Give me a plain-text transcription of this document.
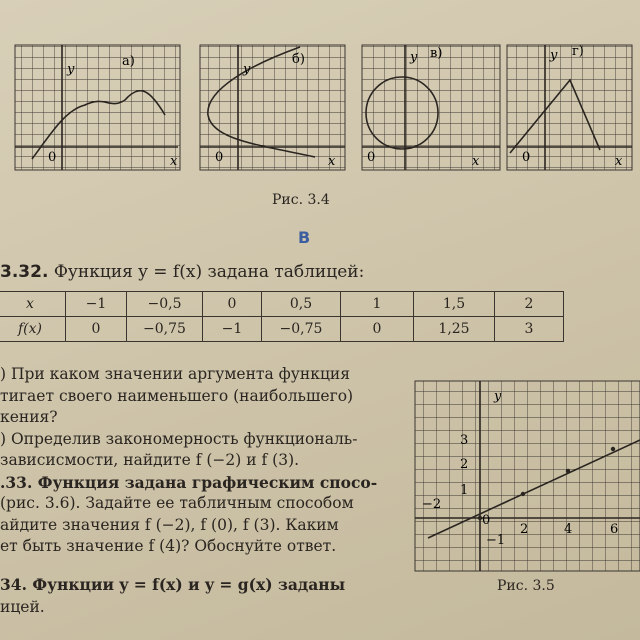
а)
y
x
0
б)
y
x
0
в)
y
x
0
г)
y
x
0
Рис. 3.4
В
3.32. Функция y = f(x) задана таблицей:
x	−1	−0,5	0	0,5	1	1,5	2
f(x)	0	−0,75	−1	−0,75	0	1,25	3
) При каком значении аргумента функция
тигает своего наименьшего (наибольшего)
кения?
) Определив закономерность функциональ-
зависисмости, найдите f (−2) и f (3).
.33. Функция задана графическим спосо-
(рис. 3.6). Задайте ее табличным способом
айдите значения f (−2), f (0), f (3). Каким
ет быть значение f (4)? Обоснуйте ответ.
y
3
2
1
−1
−2
0
2	4	6
Рис. 3.5
34. Функции y = f(x) и y = g(x) заданы
ицей.
